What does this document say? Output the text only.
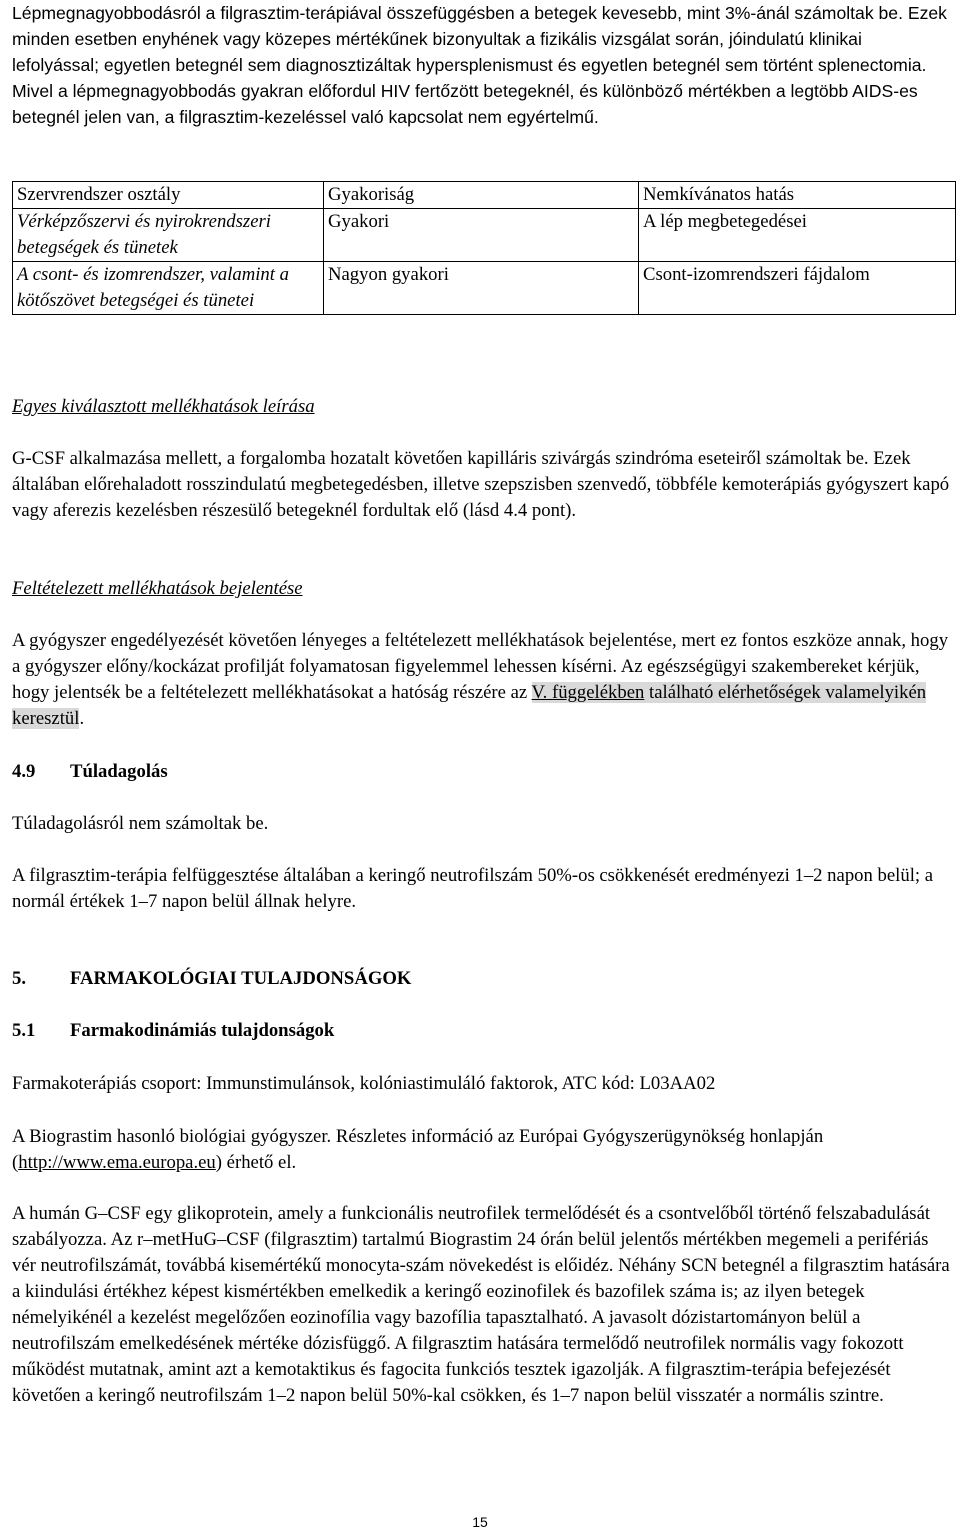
Lépmegnagyobbodásról a filgrasztim-terápiával összefüggésben a betegek kevesebb, mint 3%-ánál számoltak be. Ezek minden esetben enyhének vagy közepes mértékűnek bizonyultak a fizikális vizsgálat során, jóindulatú klinikai lefolyással; egyetlen betegnél sem diagnosztizáltak hypersplenismust és egyetlen betegnél sem történt splenectomia. Mivel a lépmegnagyobbodás gyakran előfordul HIV fertőzött betegeknél, és különböző mértékben a legtöbb AIDS-es betegnél jelen van, a filgrasztim-kezeléssel való kapcsolat nem egyértelmű.

Szervrendszer osztály	Gyakoriság	Nemkívánatos hatás
Vérképzőszervi és nyirokrendszeri betegségek és tünetek	Gyakori	A lép megbetegedései
A csont- és izomrendszer, valamint a kötőszövet betegségei és tünetei	Nagyon gyakori	Csont-izomrendszeri fájdalom

Egyes kiválasztott mellékhatások leírása

G-CSF alkalmazása mellett, a forgalomba hozatalt követően kapilláris szivárgás szindróma eseteiről számoltak be. Ezek általában előrehaladott rosszindulatú megbetegedésben, illetve szepszisben szenvedő, többféle kemoterápiás gyógyszert kapó vagy aferezis kezelésben részesülő betegeknél fordultak elő (lásd 4.4 pont).

Feltételezett mellékhatások bejelentése

A gyógyszer engedélyezését követően lényeges a feltételezett mellékhatások bejelentése, mert ez fontos eszköze annak, hogy a gyógyszer előny/kockázat profilját folyamatosan figyelemmel lehessen kísérni. Az egészségügyi szakembereket kérjük, hogy jelentsék be a feltételezett mellékhatásokat a hatóság részére az V. függelékben található elérhetőségek valamelyikén keresztül.

4.9 Túladagolás

Túladagolásról nem számoltak be.

A filgrasztim-terápia felfüggesztése általában a keringő neutrofilszám 50%-os csökkenését eredményezi 1–2 napon belül; a normál értékek 1–7 napon belül állnak helyre.

5. FARMAKOLÓGIAI TULAJDONSÁGOK

5.1 Farmakodinámiás tulajdonságok

Farmakoterápiás csoport: Immunstimulánsok, kolóniastimuláló faktorok, ATC kód: L03AA02

A Biograstim hasonló biológiai gyógyszer. Részletes információ az Európai Gyógyszerügynökség honlapján (http://www.ema.europa.eu) érhető el.

A humán G–CSF egy glikoprotein, amely a funkcionális neutrofilek termelődését és a csontvelőből történő felszabadulását szabályozza. Az r–metHuG–CSF (filgrasztim) tartalmú Biograstim 24 órán belül jelentős mértékben megemeli a perifériás vér neutrofilszámát, továbbá kisemértékű monocyta-szám növekedést is előidéz. Néhány SCN betegnél a filgrasztim hatására a kiindulási értékhez képest kismértékben emelkedik a keringő eozinofilek és bazofilek száma is; az ilyen betegek némelyikénél a kezelést megelőzően eozinofília vagy bazofília tapasztalható. A javasolt dózistartományon belül a neutrofilszám emelkedésének mértéke dózisfüggő. A filgrasztim hatására termelődő neutrofilek normális vagy fokozott működést mutatnak, amint azt a kemotaktikus és fagocita funkciós tesztek igazolják. A filgrasztim-terápia befejezését követően a keringő neutrofilszám 1–2 napon belül 50%-kal csökken, és 1–7 napon belül visszatér a normális szintre.

15
